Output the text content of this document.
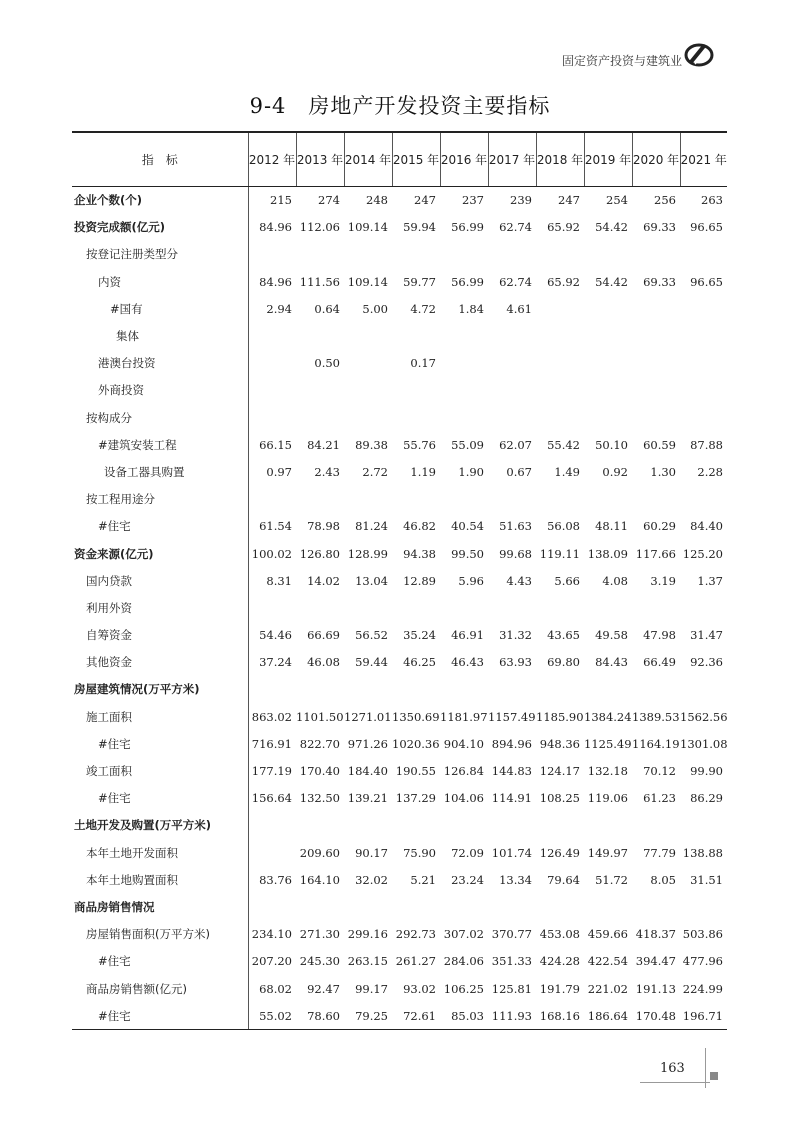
固定资产投资与建筑业
9-4　房地产开发投资主要指标
指　标	2012 年	2013 年	2014 年	2015 年	2016 年	2017 年	2018 年	2019 年	2020 年	2021 年
企业个数(个)	215	274	248	247	237	239	247	254	256	263
投资完成额(亿元)	84.96	112.06	109.14	59.94	56.99	62.74	65.92	54.42	69.33	96.65
按登记注册类型分										
内资	84.96	111.56	109.14	59.77	56.99	62.74	65.92	54.42	69.33	96.65
#国有	2.94	0.64	5.00	4.72	1.84	4.61				
集体										
港澳台投资		0.50		0.17						
外商投资										
按构成分										
#建筑安装工程	66.15	84.21	89.38	55.76	55.09	62.07	55.42	50.10	60.59	87.88
设备工器具购置	0.97	2.43	2.72	1.19	1.90	0.67	1.49	0.92	1.30	2.28
按工程用途分										
#住宅	61.54	78.98	81.24	46.82	40.54	51.63	56.08	48.11	60.29	84.40
资金来源(亿元)	100.02	126.80	128.99	94.38	99.50	99.68	119.11	138.09	117.66	125.20
国内贷款	8.31	14.02	13.04	12.89	5.96	4.43	5.66	4.08	3.19	1.37
利用外资										
自筹资金	54.46	66.69	56.52	35.24	46.91	31.32	43.65	49.58	47.98	31.47
其他资金	37.24	46.08	59.44	46.25	46.43	63.93	69.80	84.43	66.49	92.36
房屋建筑情况(万平方米)										
施工面积	863.02	1101.50	1271.01	1350.69	1181.97	1157.49	1185.90	1384.24	1389.53	1562.56
#住宅	716.91	822.70	971.26	1020.36	904.10	894.96	948.36	1125.49	1164.19	1301.08
竣工面积	177.19	170.40	184.40	190.55	126.84	144.83	124.17	132.18	70.12	99.90
#住宅	156.64	132.50	139.21	137.29	104.06	114.91	108.25	119.06	61.23	86.29
土地开发及购置(万平方米)										
本年土地开发面积		209.60	90.17	75.90	72.09	101.74	126.49	149.97	77.79	138.88
本年土地购置面积	83.76	164.10	32.02	5.21	23.24	13.34	79.64	51.72	8.05	31.51
商品房销售情况										
房屋销售面积(万平方米)	234.10	271.30	299.16	292.73	307.02	370.77	453.08	459.66	418.37	503.86
#住宅	207.20	245.30	263.15	261.27	284.06	351.33	424.28	422.54	394.47	477.96
商品房销售额(亿元)	68.02	92.47	99.17	93.02	106.25	125.81	191.79	221.02	191.13	224.99
#住宅	55.02	78.60	79.25	72.61	85.03	111.93	168.16	186.64	170.48	196.71
163
